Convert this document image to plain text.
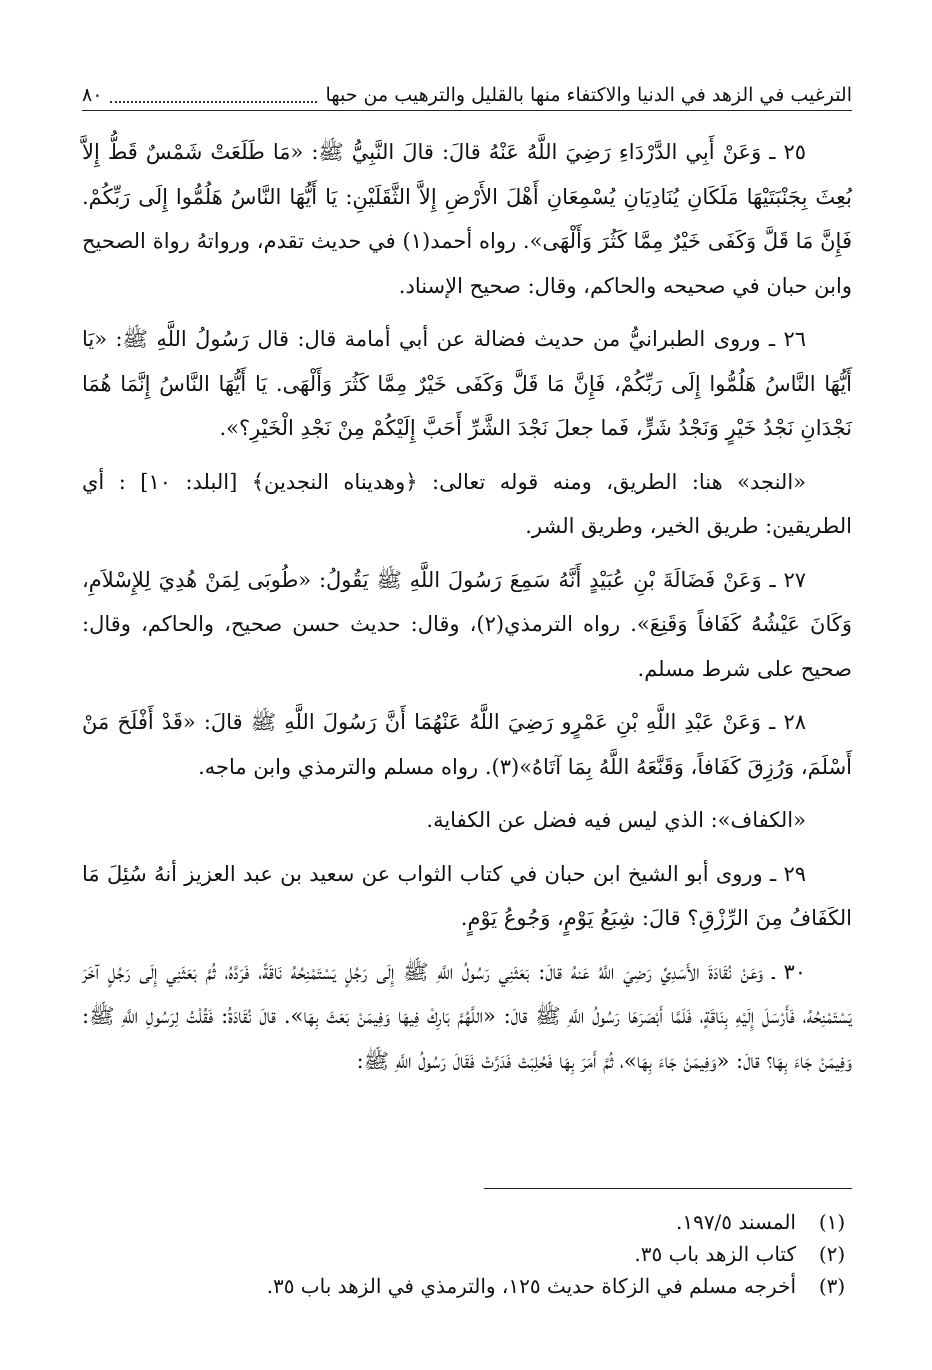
الترغيب في الزهد في الدنيا والاكتفاء منها بالقليل والترهيب من حبها
٨٠

٢٥ ـ وَعَنْ أَبِي الدَّرْدَاءِ رَضِيَ اللَّهُ عَنْهُ قالَ: قالَ النَّبِيُّ ﷺ: «مَا طَلَعَتْ شَمْسٌ قَطُّ إِلاَّ بُعِثَ بِجَنْبَتَيْهَا مَلَكَانِ يُنَادِيَانِ يُسْمِعَانِ أَهْلَ الأَرْضِ إِلاَّ الثَّقَلَيْنِ: يَا أَيُّهَا النَّاسُ هَلُمُّوا إِلَى رَبِّكُمْ. فَإِنَّ مَا قَلَّ وَكَفَى خَيْرٌ مِمَّا كَثُرَ وَأَلْهَى». رواه أحمد(١) في حديث تقدم، ورواتهُ رواة الصحيح وابن حبان في صحيحه والحاكم، وقال: صحيح الإسناد.

٢٦ ـ وروى الطبرانيُّ من حديث فضالة عن أبي أمامة قال: قال رَسُولُ اللَّهِ ﷺ: «يَا أَيُّهَا النَّاسُ هَلُمُّوا إِلَى رَبِّكُمْ، فَإِنَّ مَا قَلَّ وَكَفَى خَيْرٌ مِمَّا كَثُرَ وَأَلْهَى. يَا أَيُّهَا النَّاسُ إِنَّمَا هُمَا نَجْدَانِ نَجْدُ خَيْرٍ وَنَجْدُ شَرٍّ، فَما جعلَ نَجْدَ الشَّرِّ أَحَبَّ إِلَيْكُمْ مِنْ نَجْدِ الْخَيْرِ؟».

«النجد» هنا: الطريق، ومنه قوله تعالى: ﴿وهديناه النجدين﴾ [البلد: ١٠] : أي الطريقين: طريق الخير، وطريق الشر.

٢٧ ـ وَعَنْ فَضَالَةَ بْنِ عُبَيْدٍ أَنَّهُ سَمِعَ رَسُولَ اللَّهِ ﷺ يَقُولُ: «طُوبَى لِمَنْ هُدِيَ لِلإِسْلاَمِ، وَكَانَ عَيْشُهُ كَفَافاً وَقَنِعَ». رواه الترمذي(٢)، وقال: حديث حسن صحيح، والحاكم، وقال: صحيح على شرط مسلم.

٢٨ ـ وَعَنْ عَبْدِ اللَّهِ بْنِ عَمْرٍو رَضِيَ اللَّهُ عَنْهُمَا أَنَّ رَسُولَ اللَّهِ ﷺ قالَ: «قَدْ أَفْلَحَ مَنْ أَسْلَمَ، وَرُزِقَ كَفَافاً، وَقَنَّعَهُ اللَّهُ بِمَا آتَاهُ»(٣). رواه مسلم والترمذي وابن ماجه.

«الكفاف»: الذي ليس فيه فضل عن الكفاية.

٢٩ ـ وروى أبو الشيخ ابن حبان في كتاب الثواب عن سعيد بن عبد العزيز أنهُ سُئِلَ مَا الكَفَافُ مِنَ الرِّزْقِ؟ قالَ: شِبَعُ يَوْمٍ، وَجُوعُ يَوْمٍ.

٣٠ ـ وَعَنْ نُقَادَةَ الأَسَدِيِّ رَضِيَ اللَّهُ عَنهُ قالَ: بَعَثَنِي رَسُولُ اللَّهِ ﷺ إِلَى رَجُلٍ يَسْتَمْنِحُهُ نَاقَةً، فَرَدَّهُ، ثُمَّ بَعَثَنِي إِلَى رَجُلٍ آخَرَ يَسْتَمْنِحُهُ، فَأَرْسَلَ إِلَيْهِ بِنَاقَةٍ، فَلَمَّا أَبْصَرَهَا رَسُولُ اللَّهِ ﷺ قالَ: «اللَّهُمَّ بَارِكْ فِيهَا وَفِيمَنْ بَعَثَ بِهَا». قالَ نُقَادَةُ: فَقُلْتُ لِرَسُولِ اللَّهِ ﷺ: وَفِيمَنْ جَاءَ بِهَا؟ قالَ: «وَفِيمَنْ جَاءَ بِهَا»، ثُمَّ أَمَرَ بِهَا فَحُلِبَتْ فَدَرَّتْ فَقَالَ رَسُولُ اللَّهِ ﷺ:

(١)
المسند ١٩٧/٥.
(٢)
كتاب الزهد باب ٣٥.
(٣)
أخرجه مسلم في الزكاة حديث ١٢٥، والترمذي في الزهد باب ٣٥.
